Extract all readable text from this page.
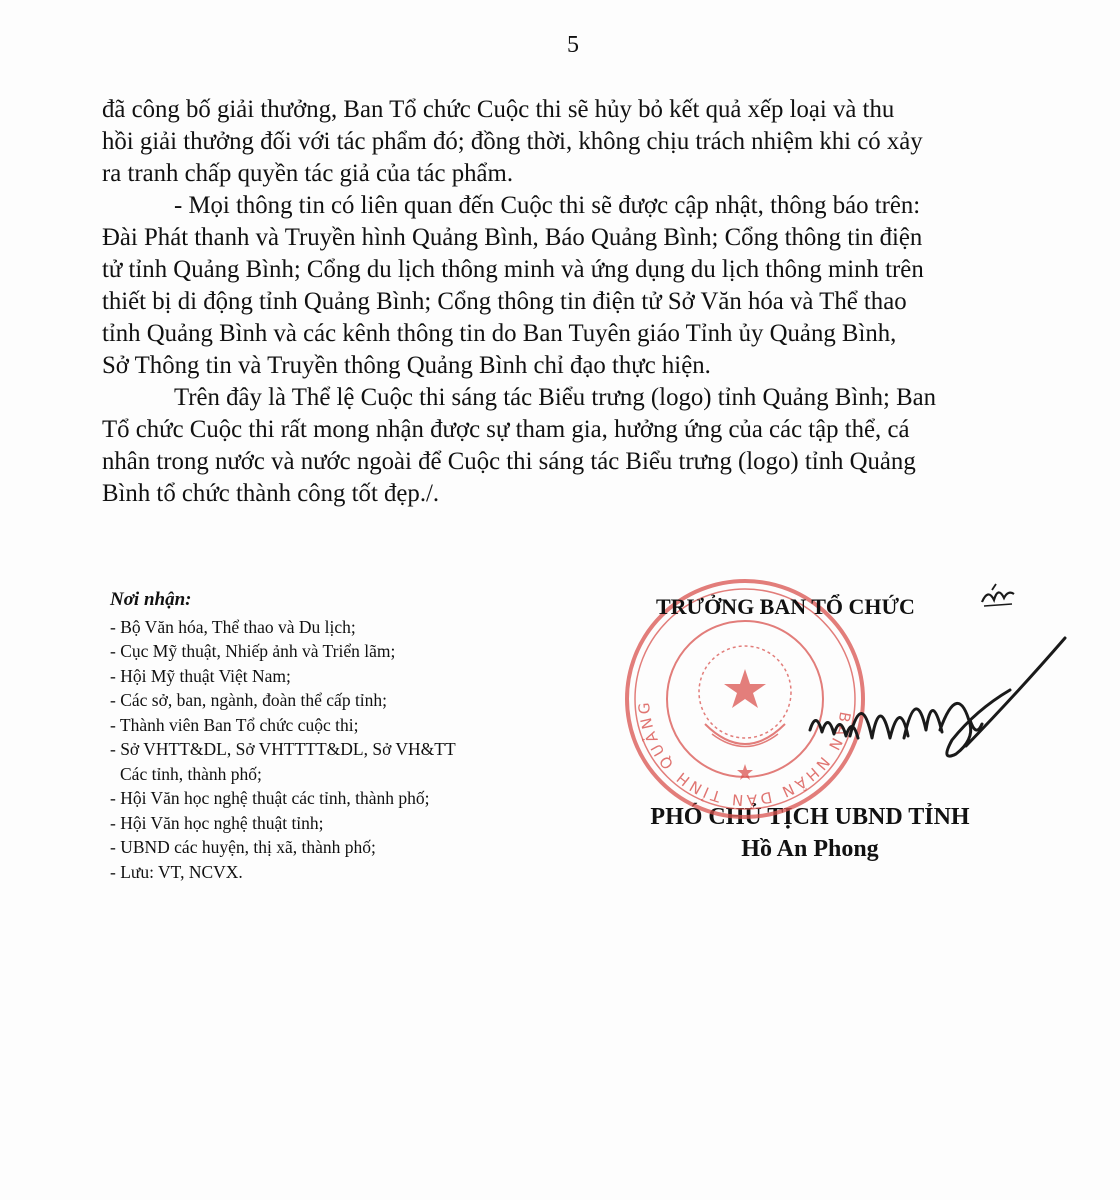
5

đã công bố giải thưởng, Ban Tổ chức Cuộc thi sẽ hủy bỏ kết quả xếp loại và thu
hồi giải thưởng đối với tác phẩm đó; đồng thời, không chịu trách nhiệm khi có xảy
ra tranh chấp quyền tác giả của tác phẩm.

- Mọi thông tin có liên quan đến Cuộc thi sẽ được cập nhật, thông báo trên:
Đài Phát thanh và Truyền hình Quảng Bình, Báo Quảng Bình; Cổng thông tin điện
tử tỉnh Quảng Bình; Cổng du lịch thông minh và ứng dụng du lịch thông minh trên
thiết bị di động tỉnh Quảng Bình; Cổng thông tin điện tử Sở Văn hóa và Thể thao
tỉnh Quảng Bình và các kênh thông tin do Ban Tuyên giáo Tỉnh ủy Quảng Bình,
Sở Thông tin và Truyền thông Quảng Bình chỉ đạo thực hiện.

Trên đây là Thể lệ Cuộc thi sáng tác Biểu trưng (logo) tỉnh Quảng Bình; Ban
Tổ chức Cuộc thi rất mong nhận được sự tham gia, hưởng ứng của các tập thể, cá
nhân trong nước và nước ngoài để Cuộc thi sáng tác Biểu trưng (logo) tỉnh Quảng
Bình tổ chức thành công tốt đẹp./.

Nơi nhận:
- Bộ Văn hóa, Thể thao và Du lịch;
- Cục Mỹ thuật, Nhiếp ảnh và Triển lãm;
- Hội Mỹ thuật Việt Nam;
- Các sở, ban, ngành, đoàn thể cấp tỉnh;
- Thành viên Ban Tổ chức cuộc thi;
- Sở VHTT&DL, Sở VHTTTT&DL, Sở VH&TT
Các tỉnh, thành phố;
- Hội Văn học nghệ thuật các tỉnh, thành phố;
- Hội Văn học nghệ thuật tỉnh;
- UBND các huyện, thị xã, thành phố;
- Lưu: VT, NCVX.
BAN NHÂN DÂN TỈNH QUẢNG
TRƯỞNG BAN TỔ CHỨC
PHÓ CHỦ TỊCH UBND TỈNH
Hồ An Phong
